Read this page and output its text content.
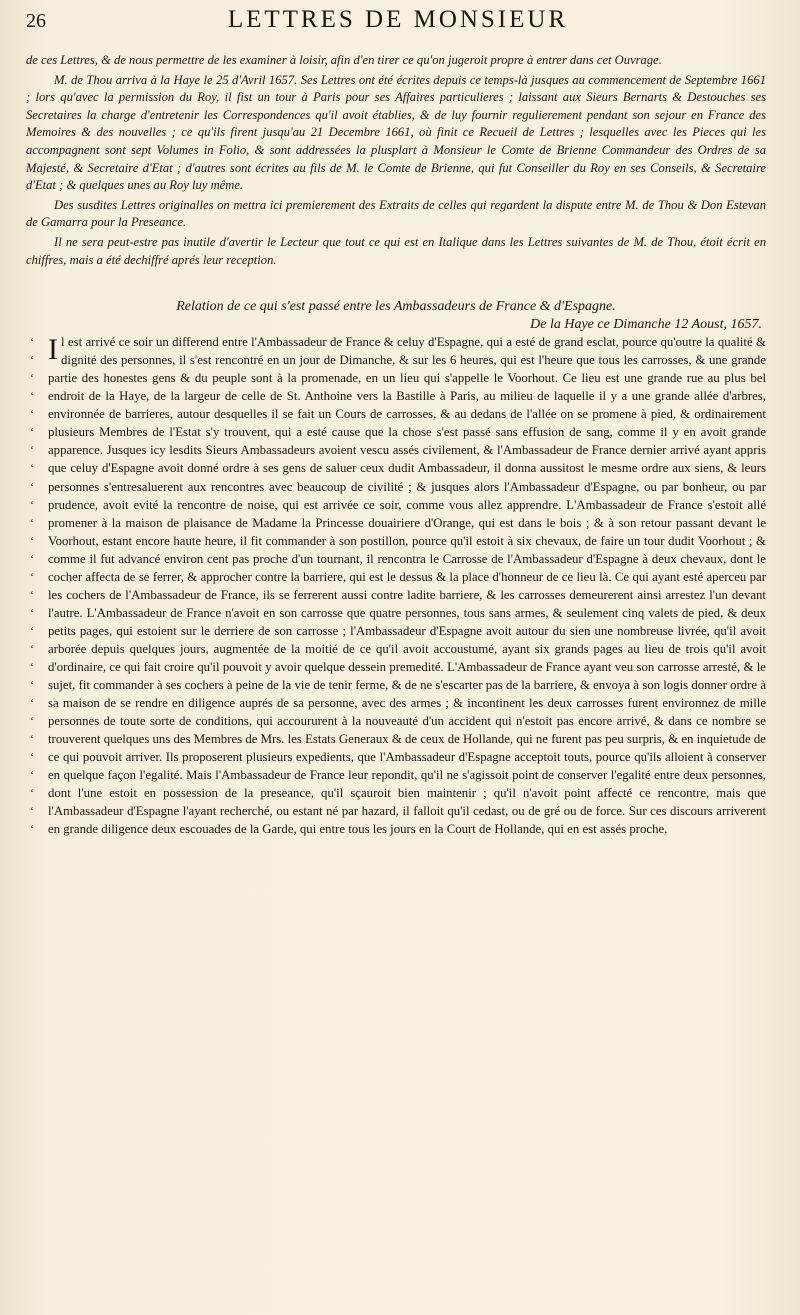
26	LETTRES DE MONSIEUR

de ces Lettres, & de nous permettre de les examiner à loisir, afin d'en tirer ce qu'on jugeroit propre à entrer dans cet Ouvrage.

M. de Thou arriva à la Haye le 25 d'Avril 1657. Ses Lettres ont été écrites depuis ce temps-là jusques au commencement de Septembre 1661 ; lors qu'avec la permission du Roy, il fist un tour à Paris pour ses Affaires particulieres ; laissant aux Sieurs Bernarts & Destouches ses Secretaires la charge d'entretenir les Correspondences qu'il avoit établies, & de luy fournir regulierement pendant son sejour en France des Memoires & des nouvelles ; ce qu'ils firent jusqu'au 21 Decembre 1661, où finit ce Recueil de Lettres ; lesquelles avec les Pieces qui les accompagnent sont sept Volumes in Folio, & sont addressées la plusplart à Monsieur le Comte de Brienne Commandeur des Ordres de sa Majesté, & Secretaire d'Etat ; d'autres sont écrites au fils de M. le Comte de Brienne, qui fut Conseiller du Roy en ses Conseils, & Secretaire d'Etat ; & quelques unes au Roy luy même.

Des susdites Lettres originalles on mettra ici premierement des Extraits de celles qui regardent la dispute entre M. de Thou & Don Estevan de Gamarra pour la Preseance.

Il ne sera peut-estre pas inutile d'avertir le Lecteur que tout ce qui est en Italique dans les Lettres suivantes de M. de Thou, étoit écrit en chiffres, mais a été dechiffré aprés leur reception.

Relation de ce qui s'est passé entre les Ambassadeurs de France & d'Espagne.
De la Haye ce Dimanche 12 Aoust, 1657.

‘ ‘ ‘ ‘ ‘ ‘ ‘ ‘ ‘ ‘ ‘ ‘ ‘ ‘ ‘ ‘ ‘ ‘ ‘ ‘ ‘ ‘ ‘ ‘ ‘ ‘ ‘ ‘ ‘ ‘ ‘ ‘ ‘ ‘ ‘ ‘ ‘ ‘ ‘ ‘ ‘ ‘ ‘ ‘ ‘ ‘ ‘ ‘ ‘ ‘ ‘ ‘ Il est arrivé ce soir un differend entre l'Ambassadeur de France & celuy d'Espagne, qui a esté de grand esclat, pource qu'outre la qualité & dignité des personnes, il s'est rencontré en un jour de Dimanche, & sur les 6 heures, qui est l'heure que tous les carrosses, & une grande partie des honestes gens & du peuple sont à la promenade, en un lieu qui s'appelle le Voorhout. Ce lieu est une grande rue au plus bel endroit de la Haye, de la largeur de celle de St. Anthoine vers la Bastille à Paris, au milieu de laquelle il y a une grande allée d'arbres, environnée de barrieres, autour desquelles il se fait un Cours de carrosses, & au dedans de l'allée on se promene à pied, & ordinairement plusieurs Membres de l'Estat s'y trouvent, qui a esté cause que la chose s'est passé sans effusion de sang, comme il y en avoit grande apparence. Jusques icy lesdits Sieurs Ambassadeurs avoient vescu assés civilement, & l'Ambassadeur de France dernier arrivé ayant appris que celuy d'Espagne avoit donné ordre à ses gens de saluer ceux dudit Ambassadeur, il donna aussitost le mesme ordre aux siens, & leurs personnes s'entresaluerent aux rencontres avec beaucoup de civilité ; & jusques alors l'Ambassadeur d'Espagne, ou par bonheur, ou par prudence, avoit evité la rencontre de noise, qui est arrivée ce soir, comme vous allez apprendre. L'Ambassadeur de France s'estoit allé promener à la maison de plaisance de Madame la Princesse douairiere d'Orange, qui est dans le bois ; & à son retour passant devant le Voorhout, estant encore haute heure, il fit commander à son postillon, pource qu'il estoit à six chevaux, de faire un tour dudit Voorhout ; & comme il fut advancé environ cent pas proche d'un tournant, il rencontra le Carrosse de l'Ambassadeur d'Espagne à deux chevaux, dont le cocher affecta de se ferrer, & approcher contre la barriere, qui est le dessus & la place d'honneur de ce lieu là. Ce qui ayant esté aperceu par les cochers de l'Ambassadeur de France, ils se ferrerent aussi contre ladite barriere, & les carrosses demeurerent ainsi arrestez l'un devant l'autre. L'Ambassadeur de France n'avoit en son carrosse que quatre personnes, tous sans armes, & seulement cinq valets de pied, & deux petits pages, qui estoient sur le derriere de son carrosse ; l'Ambassadeur d'Espagne avoit autour du sien une nombreuse livrée, qu'il avoit arborée depuis quelques jours, augmentée de la moitié de ce qu'il avoit accoustumé, ayant six grands pages au lieu de trois qu'il avoit d'ordinaire, ce qui fait croire qu'il pouvoit y avoir quelque dessein premedité. L'Ambassadeur de France ayant veu son carrosse arresté, & le sujet, fit commander à ses cochers à peine de la vie de tenir ferme, & de ne s'escarter pas de la barriere, & envoya à son logis donner ordre à sa maison de se rendre en diligence auprés de sa personne, avec des armes ; & incontinent les deux carrosses furent environnez de mille personnes de toute sorte de conditions, qui accoururent à la nouveauté d'un accident qui n'estoit pas encore arrivé, & dans ce nombre se trouverent quelques uns des Membres de Mrs. les Estats Generaux & de ceux de Hollande, qui ne furent pas peu surpris, & en inquietude de ce qui pouvoit arriver. Ils proposerent plusieurs expedients, que l'Ambassadeur d'Espagne acceptoit touts, pource qu'ils alloient à conserver en quelque façon l'egalité. Mais l'Ambassadeur de France leur repondit, qu'il ne s'agissoit point de conserver l'egalité entre deux personnes, dont l'une estoit en possession de la preseance, qu'il sçauroit bien maintenir ; qu'il n'avoit point affecté ce rencontre, mais que l'Ambassadeur d'Espagne l'ayant recherché, ou estant né par hazard, il falloit qu'il cedast, ou de gré ou de force. Sur ces discours arriverent en grande diligence deux escouades de la Garde, qui entre tous les jours en la Court de Hollande, qui en est assés proche,
